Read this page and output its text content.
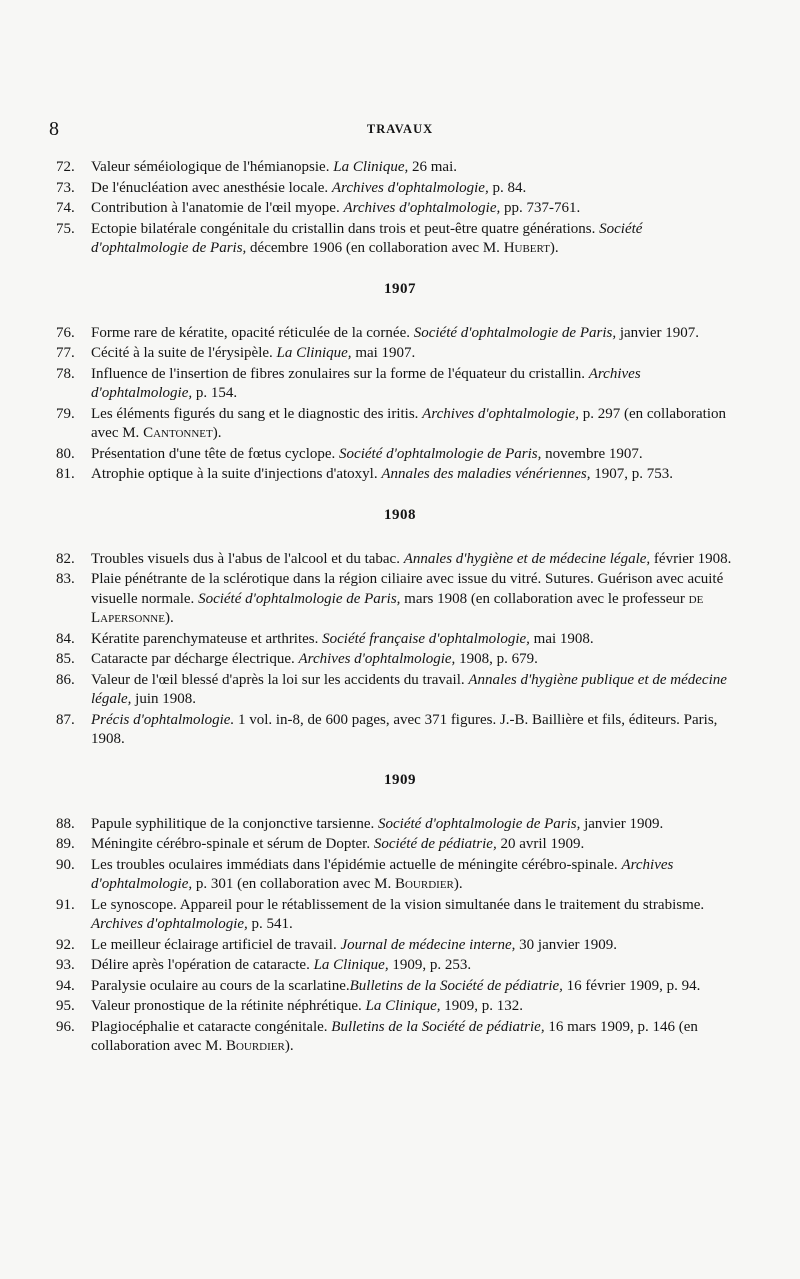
8	TRAVAUX
72.	Valeur séméiologique de l'hémianopsie. La Clinique, 26 mai.
73.	De l'énucléation avec anesthésie locale. Archives d'ophtalmologie, p. 84.
74.	Contribution à l'anatomie de l'œil myope. Archives d'ophtalmologie, pp. 737-761.
75.	Ectopie bilatérale congénitale du cristallin dans trois et peut-être quatre générations. Société d'ophtalmologie de Paris, décembre 1906 (en collaboration avec M. Hubert).
1907
76.	Forme rare de kératite, opacité réticulée de la cornée. Société d'ophtalmologie de Paris, janvier 1907.
77.	Cécité à la suite de l'érysipèle. La Clinique, mai 1907.
78.	Influence de l'insertion de fibres zonulaires sur la forme de l'équateur du cristallin. Archives d'ophtalmologie, p. 154.
79.	Les éléments figurés du sang et le diagnostic des iritis. Archives d'ophtalmologie, p. 297 (en collaboration avec M. Cantonnet).
80.	Présentation d'une tête de fœtus cyclope. Société d'ophtalmologie de Paris, novembre 1907.
81.	Atrophie optique à la suite d'injections d'atoxyl. Annales des maladies vénériennes, 1907, p. 753.
1908
82.	Troubles visuels dus à l'abus de l'alcool et du tabac. Annales d'hygiène et de médecine légale, février 1908.
83.	Plaie pénétrante de la sclérotique dans la région ciliaire avec issue du vitré. Sutures. Guérison avec acuité visuelle normale. Société d'ophtalmologie de Paris, mars 1908 (en collaboration avec le professeur de Lapersonne).
84.	Kératite parenchymateuse et arthrites. Société française d'ophtalmologie, mai 1908.
85.	Cataracte par décharge électrique. Archives d'ophtalmologie, 1908, p. 679.
86.	Valeur de l'œil blessé d'après la loi sur les accidents du travail. Annales d'hygiène publique et de médecine légale, juin 1908.
87.	Précis d'ophtalmologie. 1 vol. in-8, de 600 pages, avec 371 figures. J.-B. Baillière et fils, éditeurs. Paris, 1908.
1909
88.	Papule syphilitique de la conjonctive tarsienne. Société d'ophtalmologie de Paris, janvier 1909.
89.	Méningite cérébro-spinale et sérum de Dopter. Société de pédiatrie, 20 avril 1909.
90.	Les troubles oculaires immédiats dans l'épidémie actuelle de méningite cérébro-spinale. Archives d'ophtalmologie, p. 301 (en collaboration avec M. Bourdier).
91.	Le synoscope. Appareil pour le rétablissement de la vision simultanée dans le traitement du strabisme. Archives d'ophtalmologie, p. 541.
92.	Le meilleur éclairage artificiel de travail. Journal de médecine interne, 30 janvier 1909.
93.	Délire après l'opération de cataracte. La Clinique, 1909, p. 253.
94.	Paralysie oculaire au cours de la scarlatine.Bulletins de la Société de pédiatrie, 16 février 1909, p. 94.
95.	Valeur pronostique de la rétinite néphrétique. La Clinique, 1909, p. 132.
96.	Plagiocéphalie et cataracte congénitale. Bulletins de la Société de pédiatrie, 16 mars 1909, p. 146 (en collaboration avec M. Bourdier).
